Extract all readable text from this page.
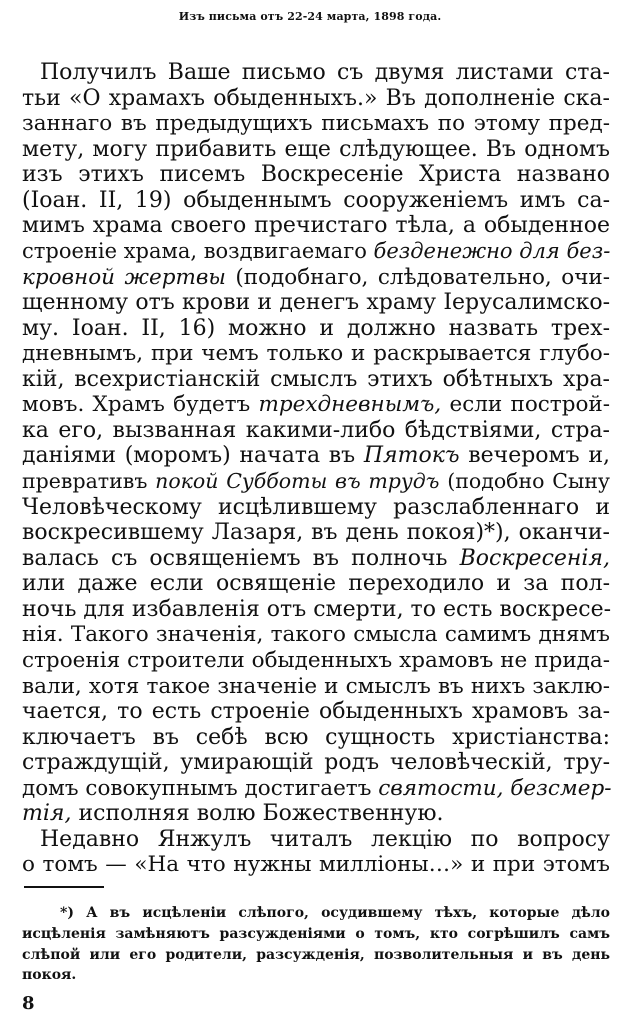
Изъ письма отъ 22-24 марта, 1898 года.
Получилъ Ваше письмо съ двумя листами ста-
тьи «О храмахъ обыденныхъ.» Въ дополненіе ска-
заннаго въ предыдущихъ письмахъ по этому пред-
мету, могу прибавить еще слѣдующее. Въ одномъ
изъ этихъ писемъ Воскресеніе Христа названо
(Іоан. II, 19) обыденнымъ сооруженіемъ имъ са-
мимъ храма своего пречистаго тѣла, а обыденное
строеніе храма, воздвигаемаго безденежно для без-
кровной жертвы (подобнаго, слѣдовательно, очи-
щенному отъ крови и денегъ храму Іерусалимско-
му. Іоан. II, 16) можно и должно назвать трех-
дневнымъ, при чемъ только и раскрывается глубо-
кій, всехристіанскій смыслъ этихъ обѣтныхъ хра-
мовъ. Храмъ будетъ трехдневнымъ, если построй-
ка его, вызванная какими-либо бѣдствіями, стра-
даніями (моромъ) начата въ Пятокъ вечеромъ и,
превративъ покой Субботы въ трудъ (подобно Сыну
Человѣческому исцѣлившему разслабленнаго и
воскресившему Лазаря, въ день покоя)*), оканчи-
валась съ освященіемъ въ полночь Воскресенія,
или даже если освященіе переходило и за пол-
ночь для избавленія отъ смерти, то есть воскресе-
нія. Такого значенія, такого смысла самимъ днямъ
строенія строители обыденныхъ храмовъ не прида-
вали, хотя такое значеніе и смыслъ въ нихъ заклю-
чается, то есть строеніе обыденныхъ храмовъ за-
ключаетъ въ себѣ всю сущность христіанства:
страждущій, умирающій родъ человѣческій, тру-
домъ совокупнымъ достигаетъ святости, безсмер-
тія, исполняя волю Божественную.
Недавно Янжулъ читалъ лекцію по вопросу
о томъ — «На что нужны милліоны…» и при этомъ
*) А въ исцѣленіи слѣпого, осудившему тѣхъ, которые дѣло
исцѣленія замѣняютъ разсужденіями о томъ, кто согрѣшилъ самъ
слѣпой или его родители, разсужденія, позволительныя и въ день
покоя.
8
